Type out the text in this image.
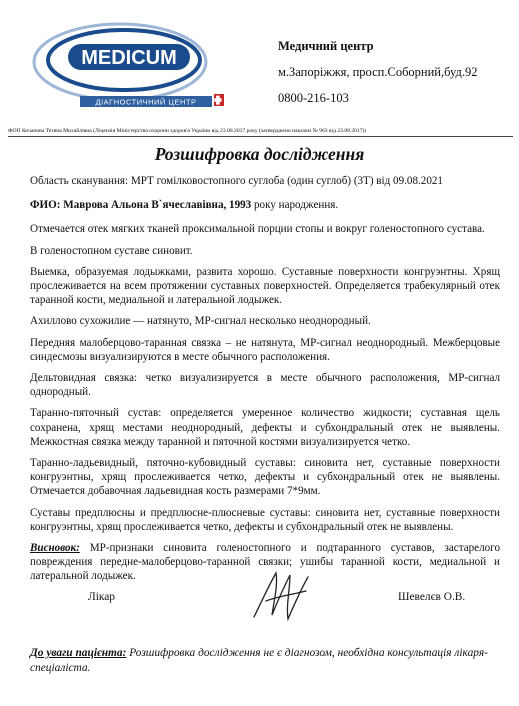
MEDICUM
ДІАГНОСТИЧНИЙ ЦЕНТР
Медичний центр
м.Запоріжжя, просп.Соборний,буд.92
0800-216-103
ФОП Кочанова Тетяна Михайлівна (Ліцензія Міністерства охорони здоров'я України від 23.08.2017 року (затверджено наказом № 963 від 23.08.2017))
Розшифровка дослідження

Область сканування: МРТ гомілковостопного суглоба (один суглоб) (3Т) від 09.08.2021

ФИО: Маврова Альона В`ячеславівна, 1993 року народження.

Отмечается отек мягких тканей проксимальной порции стопы и вокруг голеностопного сустава.

В голеностопном суставе синовит.

Выемка, образуемая лодыжками, развита хорошо. Суставные поверхности конгруэнтны. Хрящ прослеживается на всем протяжении суставных поверхностей. Определяется трабекулярный отек таранной кости, медиальной и латеральной лодыжек.

Ахиллово сухожилие — натянуто, МР-сигнал несколько неоднородный.

Передняя малоберцово-таранная связка – не натянута, МР-сигнал неоднородный. Межберцовые синдесмозы визуализируются в месте обычного расположения.

Дельтовидная связка: четко визуализируется в месте обычного расположения, МР-сигнал однородный.

Таранно-пяточный сустав: определяется умеренное количество жидкости; суставная щель сохранена, хрящ местами неоднородный, дефекты и субхондральный отек не выявлены. Межкостная связка между таранной и пяточной костями визуализируется четко.

Таранно-ладьевидный, пяточно-кубовидный суставы: синовита нет, суставные поверхности конгруэнтны, хрящ прослеживается четко, дефекты и субхондральный отек не выявлены. Отмечается добавочная ладьевидная кость размерами 7*9мм.

Суставы предплюсны и предплюсне-плюсневые суставы: синовита нет, суставные поверхности конгруэнтны, хрящ прослеживается четко, дефекты и субхондральный отек не выявлены.

Висновок: МР-признаки синовита голеностопного и подтаранного суставов, застарелого повреждения передне-малоберцово-таранной связки; ушибы таранной кости, медиальной и латеральной лодыжек.

Лікар	Шевелєв О.В.
До уваги пацієнта: Розшифровка дослідження не є діагнозом, необхідна консультація лікаря-спеціаліста.
